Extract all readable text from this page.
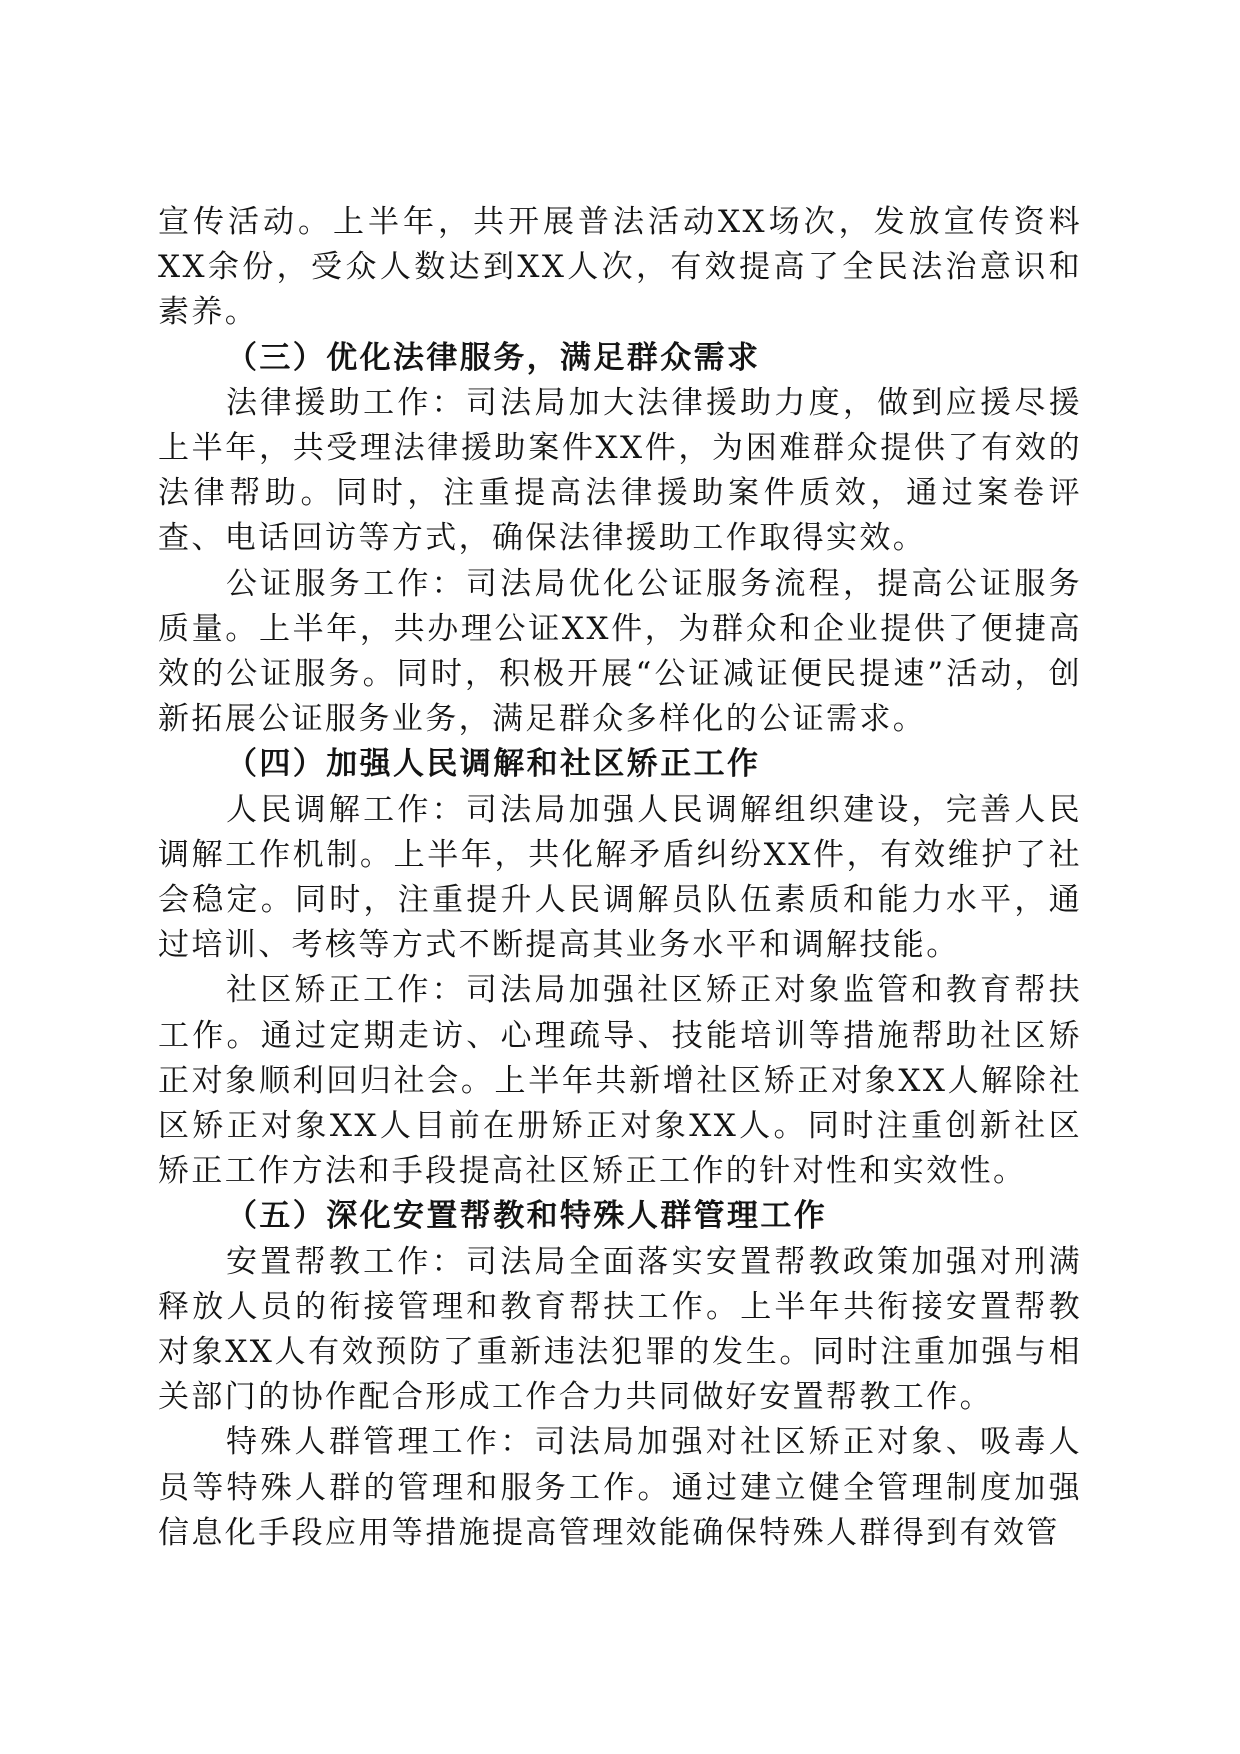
宣传活动。上半年，共开展普法活动XX场次，发放宣传资料XX余份，受众人数达到XX人次，有效提高了全民法治意识和素养。

（三）优化法律服务，满足群众需求

法律援助工作：司法局加大法律援助力度，做到应援尽援上半年，共受理法律援助案件XX件，为困难群众提供了有效的法律帮助。同时，注重提高法律援助案件质效，通过案卷评查、电话回访等方式，确保法律援助工作取得实效。

公证服务工作：司法局优化公证服务流程，提高公证服务质量。上半年，共办理公证XX件，为群众和企业提供了便捷高效的公证服务。同时，积极开展“公证减证便民提速”活动，创新拓展公证服务业务，满足群众多样化的公证需求。

（四）加强人民调解和社区矫正工作

人民调解工作：司法局加强人民调解组织建设，完善人民调解工作机制。上半年，共化解矛盾纠纷XX件，有效维护了社会稳定。同时，注重提升人民调解员队伍素质和能力水平，通过培训、考核等方式不断提高其业务水平和调解技能。

社区矫正工作：司法局加强社区矫正对象监管和教育帮扶工作。通过定期走访、心理疏导、技能培训等措施帮助社区矫正对象顺利回归社会。上半年共新增社区矫正对象XX人解除社区矫正对象XX人目前在册矫正对象XX人。同时注重创新社区矫正工作方法和手段提高社区矫正工作的针对性和实效性。

（五）深化安置帮教和特殊人群管理工作

安置帮教工作：司法局全面落实安置帮教政策加强对刑满释放人员的衔接管理和教育帮扶工作。上半年共衔接安置帮教对象XX人有效预防了重新违法犯罪的发生。同时注重加强与相关部门的协作配合形成工作合力共同做好安置帮教工作。

特殊人群管理工作：司法局加强对社区矫正对象、吸毒人员等特殊人群的管理和服务工作。通过建立健全管理制度加强信息化手段应用等措施提高管理效能确保特殊人群得到有效管
